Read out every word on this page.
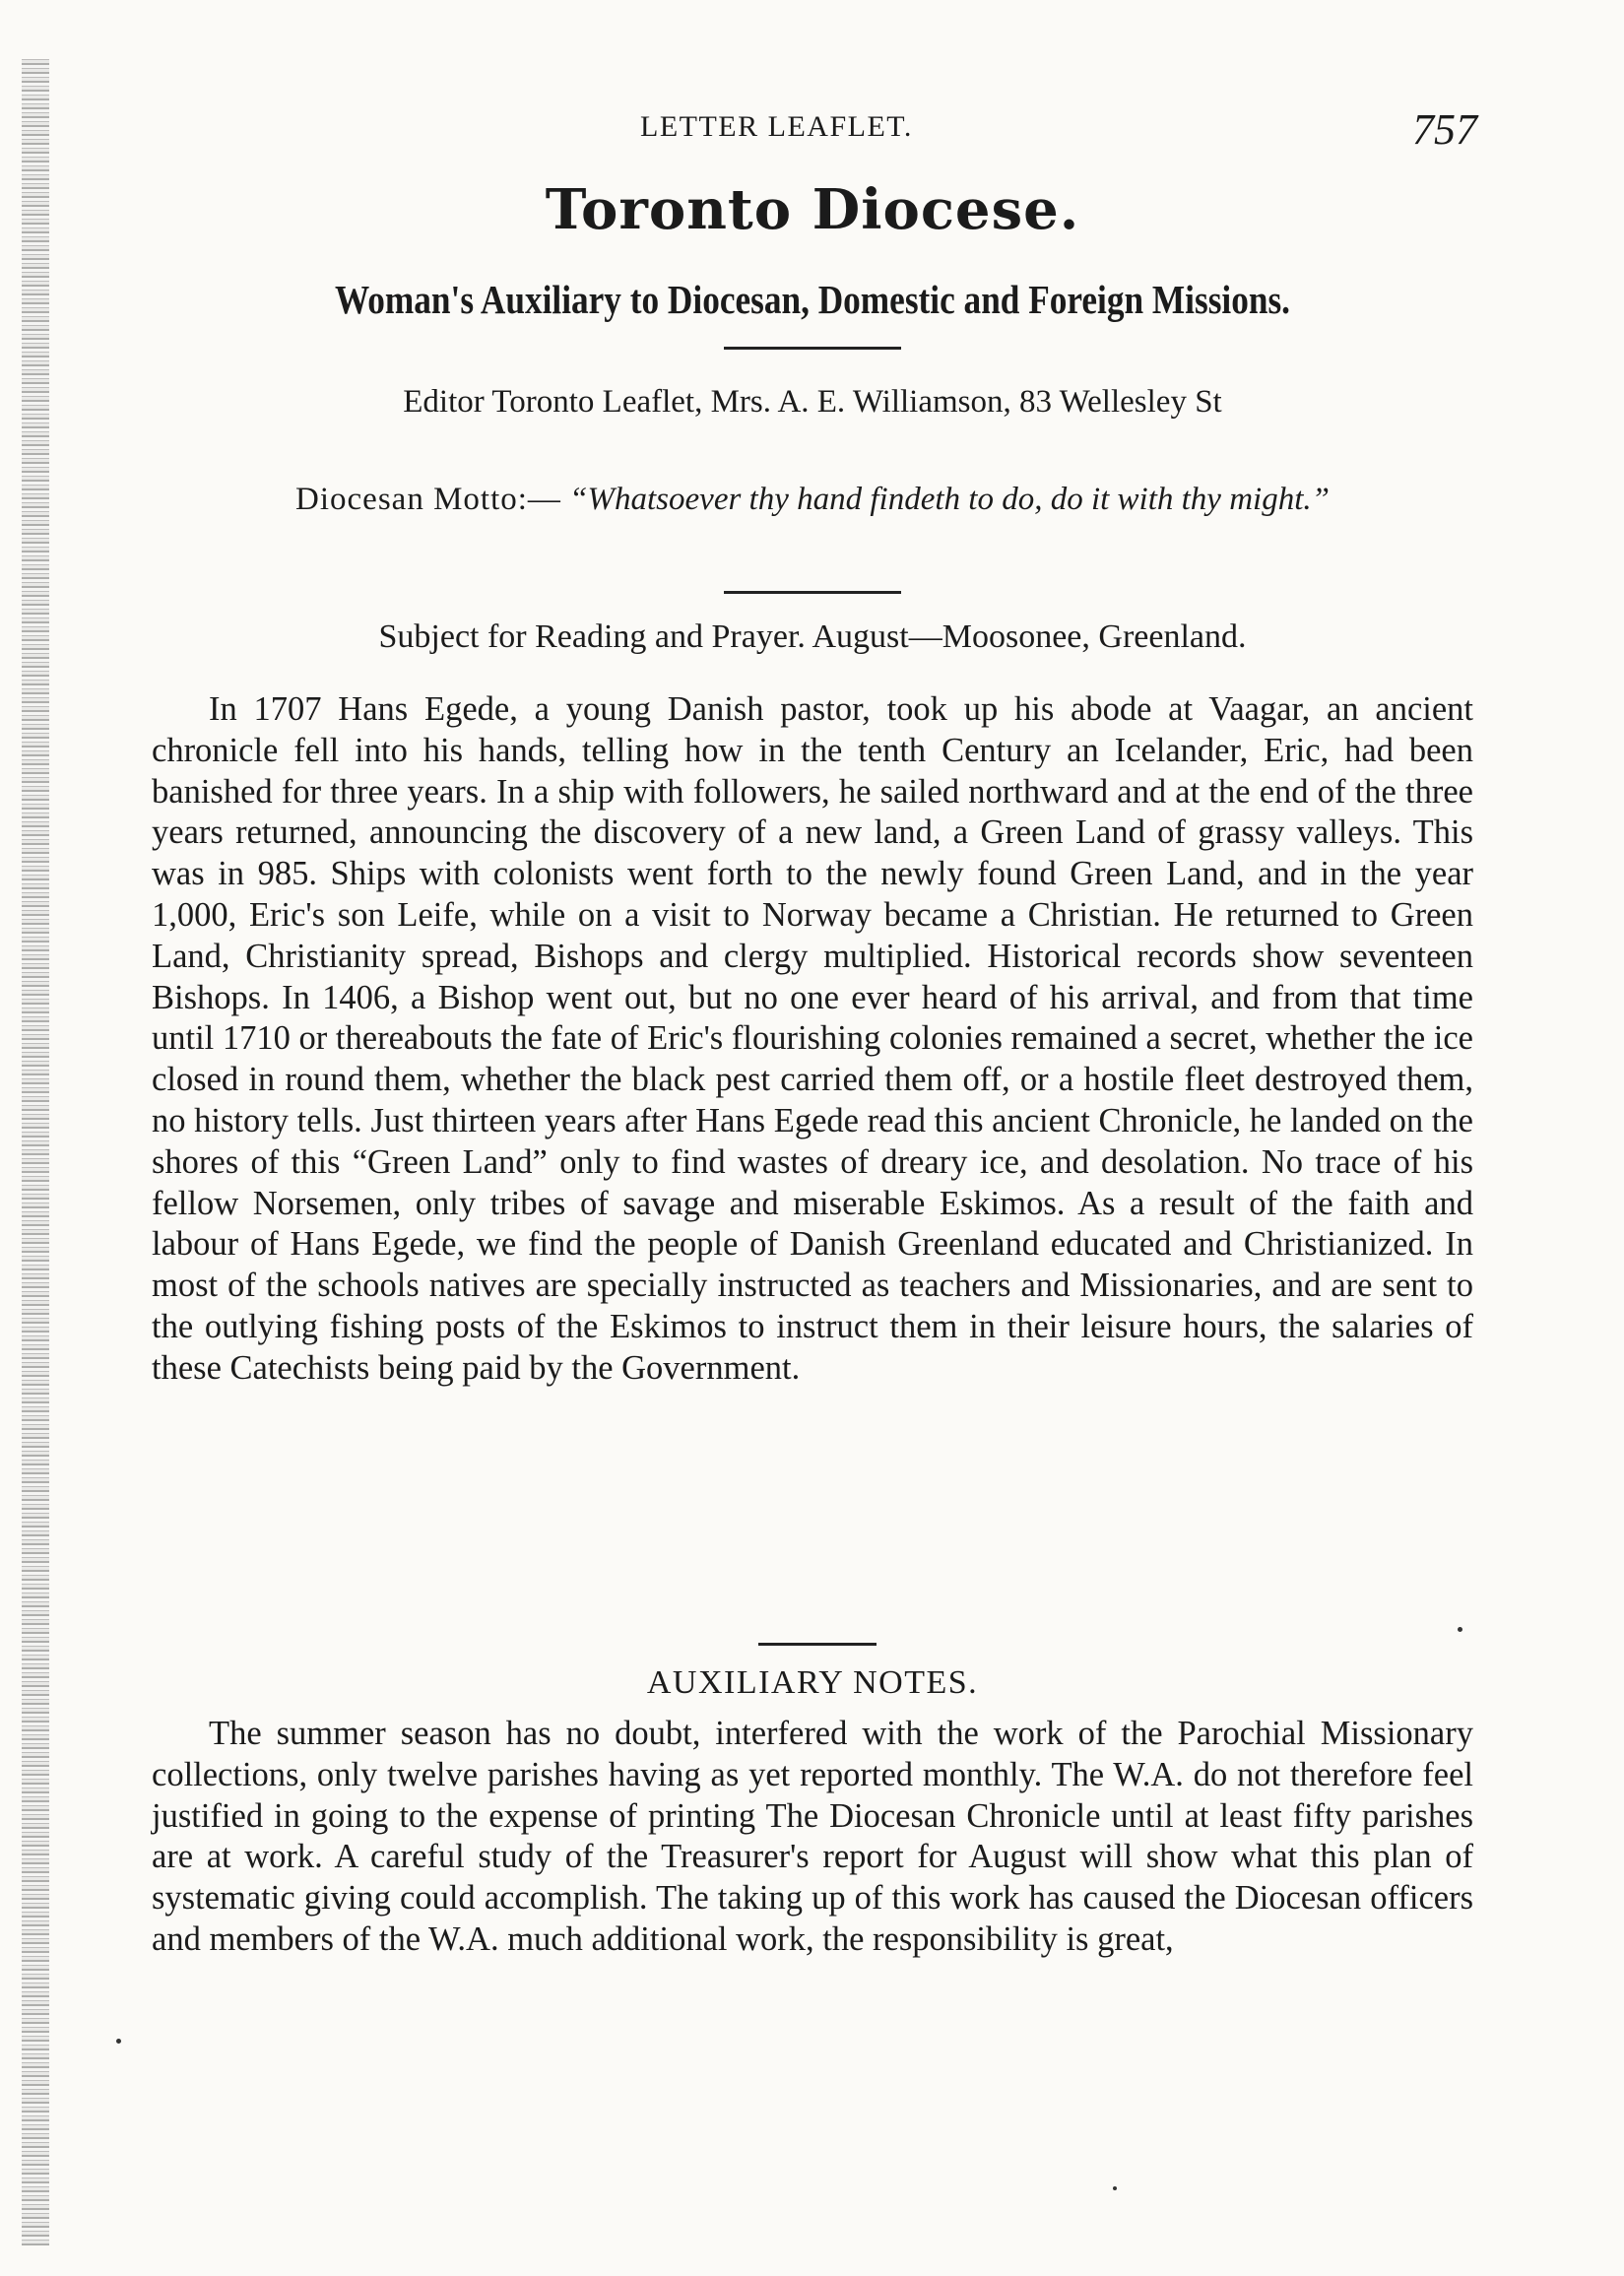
LETTER LEAFLET.	757
Toronto Diocese.
Woman's Auxiliary to Diocesan, Domestic and Foreign Missions.
Editor Toronto Leaflet, Mrs. A. E. Williamson, 83 Wellesley St
Diocesan Motto:— “Whatsoever thy hand findeth to do, do it with thy might.”
Subject for Reading and Prayer. August—Moosonee, Greenland.

In 1707 Hans Egede, a young Danish pastor, took up his abode at Vaagar, an ancient chronicle fell into his hands, telling how in the tenth Century an Icelander, Eric, had been banished for three years. In a ship with followers, he sailed northward and at the end of the three years returned, announcing the discovery of a new land, a Green Land of grassy valleys. This was in 985. Ships with colonists went forth to the newly found Green Land, and in the year 1,000, Eric's son Leife, while on a visit to Norway became a Christian. He returned to Green Land, Christianity spread, Bishops and clergy multiplied. Historical records show seventeen Bishops. In 1406, a Bishop went out, but no one ever heard of his arrival, and from that time until 1710 or thereabouts the fate of Eric's flourishing colonies remained a secret, whether the ice closed in round them, whether the black pest carried them off, or a hostile fleet destroyed them, no history tells. Just thirteen years after Hans Egede read this ancient Chronicle, he landed on the shores of this “Green Land” only to find wastes of dreary ice, and desolation. No trace of his fellow Norsemen, only tribes of savage and miserable Eskimos. As a result of the faith and labour of Hans Egede, we find the people of Danish Greenland educated and Christianized. In most of the schools natives are specially instructed as teachers and Missionaries, and are sent to the outlying fishing posts of the Eskimos to instruct them in their leisure hours, the salaries of these Catechists being paid by the Government.

AUXILIARY NOTES.

The summer season has no doubt, interfered with the work of the Parochial Missionary collections, only twelve parishes having as yet reported monthly. The W.A. do not therefore feel justified in going to the expense of printing The Diocesan Chronicle until at least fifty parishes are at work. A careful study of the Treasurer's report for August will show what this plan of systematic giving could accomplish. The taking up of this work has caused the Diocesan officers and members of the W.A. much additional work, the responsibility is great,
